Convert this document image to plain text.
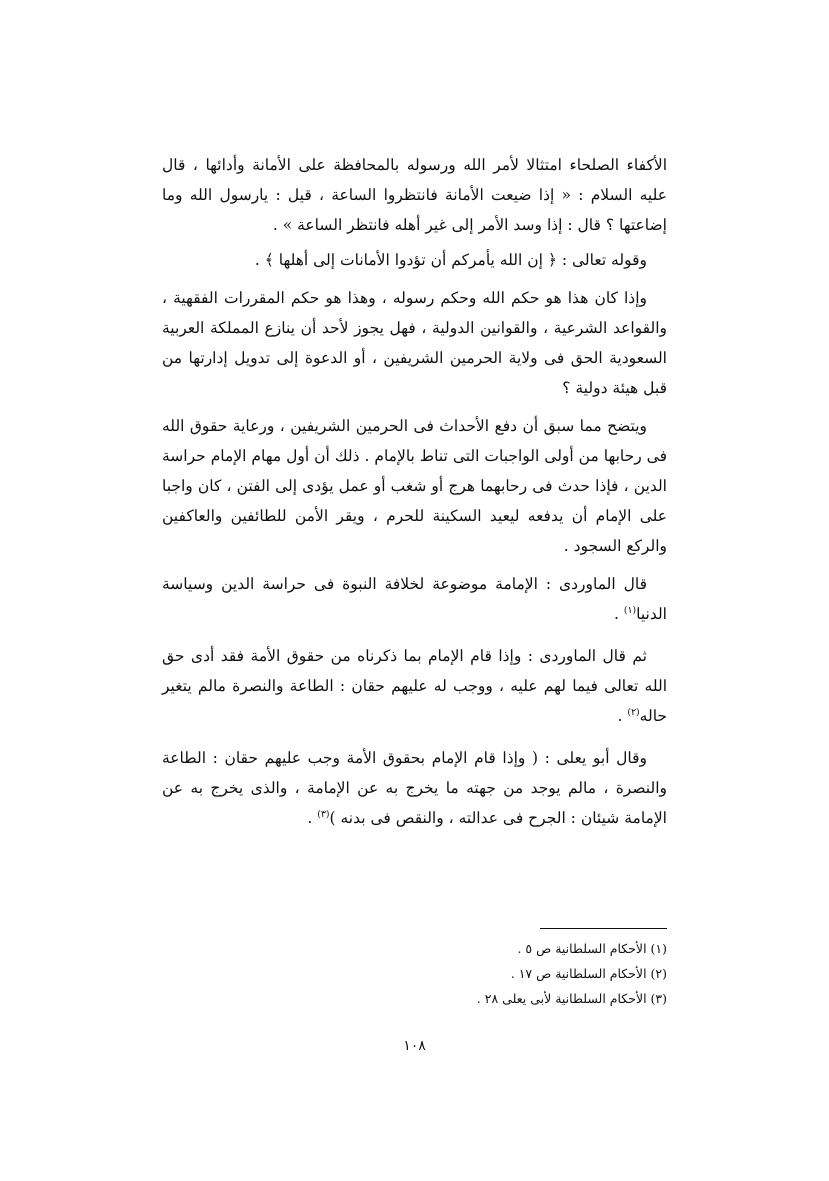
الأكفاء الصلحاء امتثالا لأمر الله ورسوله بالمحافظة على الأمانة وأدائها ، قال عليه السلام : « إذا ضيعت الأمانة فانتظروا الساعة ، قيل : يارسول الله وما إضاعتها ؟ قال : إذا وسد الأمر إلى غير أهله فانتظر الساعة » .

وقوله تعالى : ﴿ إن الله يأمركم أن تؤدوا الأمانات إلى أهلها ﴾ .

وإذا كان هذا هو حكم الله وحكم رسوله ، وهذا هو حكم المقررات الفقهية ، والقواعد الشرعية ، والقوانين الدولية ، فهل يجوز لأحد أن ينازع المملكة العربية السعودية الحق فى ولاية الحرمين الشريفين ، أو الدعوة إلى تدويل إدارتها من قبل هيئة دولية ؟

ويتضح مما سبق أن دفع الأحداث فى الحرمين الشريفين ، ورعاية حقوق الله فى رحابها من أولى الواجبات التى تناط بالإمام . ذلك أن أول مهام الإمام حراسة الدين ، فإذا حدث فى رحابهما هرج أو شغب أو عمل يؤدى إلى الفتن ، كان واجبا على الإمام أن يدفعه ليعيد السكينة للحرم ، ويقر الأمن للطائفين والعاكفين والركع السجود .

قال الماوردى : الإمامة موضوعة لخلافة النبوة فى حراسة الدين وسياسة الدنيا$^{(١)}$ .

ثم قال الماوردى : وإذا قام الإمام بما ذكرناه من حقوق الأمة فقد أدى حق الله تعالى فيما لهم عليه ، ووجب له عليهم حقان : الطاعة والنصرة مالم يتغير حاله$^{(٢)}$ .

وقال أبو يعلى : ( وإذا قام الإمام بحقوق الأمة وجب عليهم حقان : الطاعة والنصرة ، مالم يوجد من جهته ما يخرج به عن الإمامة ، والذى يخرج به عن الإمامة شيئان : الجرح فى عدالته ، والنقص فى بدنه )$^{(٣)}$ .

(١) الأحكام السلطانية ص ٥ .

(٢) الأحكام السلطانية ص ١٧ .

(٣) الأحكام السلطانية لأبى يعلى ٢٨ .

١٠٨
